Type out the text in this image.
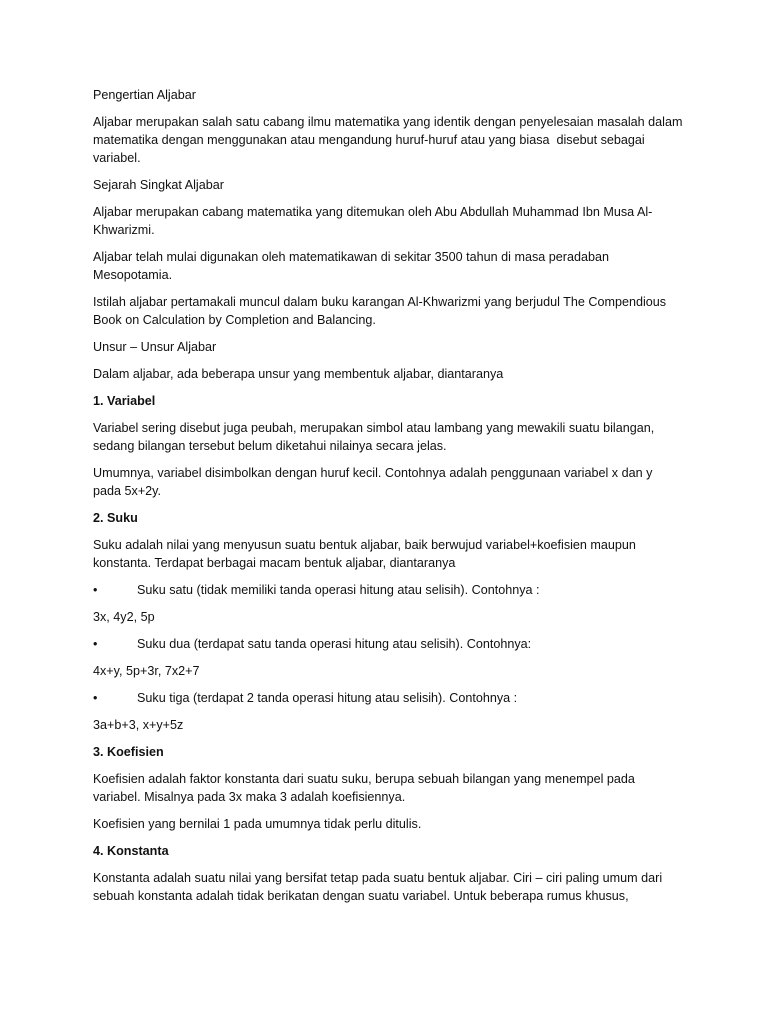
Pengertian Aljabar
Aljabar merupakan salah satu cabang ilmu matematika yang identik dengan penyelesaian masalah dalam matematika dengan menggunakan atau mengandung huruf-huruf atau yang biasa  disebut sebagai variabel.
Sejarah Singkat Aljabar
Aljabar merupakan cabang matematika yang ditemukan oleh Abu Abdullah Muhammad Ibn Musa Al-Khwarizmi.
Aljabar telah mulai digunakan oleh matematikawan di sekitar 3500 tahun di masa peradaban Mesopotamia.
Istilah aljabar pertamakali muncul dalam buku karangan Al-Khwarizmi yang berjudul The Compendious Book on Calculation by Completion and Balancing.
Unsur – Unsur Aljabar
Dalam aljabar, ada beberapa unsur yang membentuk aljabar, diantaranya
1. Variabel
Variabel sering disebut juga peubah, merupakan simbol atau lambang yang mewakili suatu bilangan, sedang bilangan tersebut belum diketahui nilainya secara jelas.
Umumnya, variabel disimbolkan dengan huruf kecil. Contohnya adalah penggunaan variabel x dan y pada 5x+2y.
2. Suku
Suku adalah nilai yang menyusun suatu bentuk aljabar, baik berwujud variabel+koefisien maupun konstanta. Terdapat berbagai macam bentuk aljabar, diantaranya
•	Suku satu (tidak memiliki tanda operasi hitung atau selisih). Contohnya :
3x, 4y2, 5p
•	Suku dua (terdapat satu tanda operasi hitung atau selisih). Contohnya:
4x+y, 5p+3r, 7x2+7
•	Suku tiga (terdapat 2 tanda operasi hitung atau selisih). Contohnya :
3a+b+3, x+y+5z
3. Koefisien
Koefisien adalah faktor konstanta dari suatu suku, berupa sebuah bilangan yang menempel pada variabel. Misalnya pada 3x maka 3 adalah koefisiennya.
Koefisien yang bernilai 1 pada umumnya tidak perlu ditulis.
4. Konstanta
Konstanta adalah suatu nilai yang bersifat tetap pada suatu bentuk aljabar. Ciri – ciri paling umum dari sebuah konstanta adalah tidak berikatan dengan suatu variabel. Untuk beberapa rumus khusus,
